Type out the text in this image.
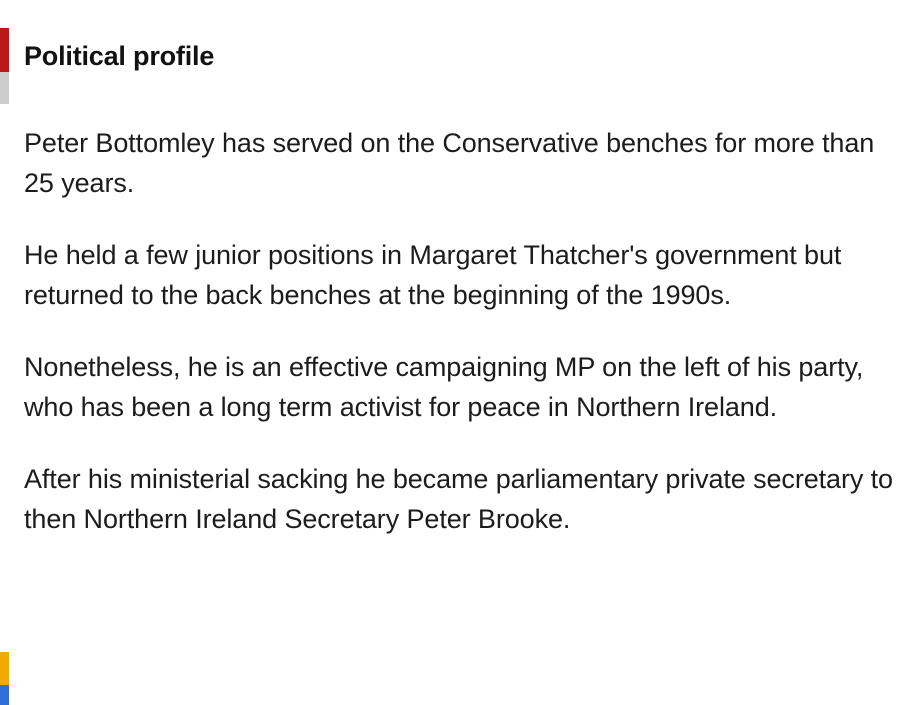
Political profile

Peter Bottomley has served on the Conservative benches for more than 25 years.

He held a few junior positions in Margaret Thatcher's government but returned to the back benches at the beginning of the 1990s.

Nonetheless, he is an effective campaigning MP on the left of his party, who has been a long term activist for peace in Northern Ireland.

After his ministerial sacking he became parliamentary private secretary to then Northern Ireland Secretary Peter Brooke.
